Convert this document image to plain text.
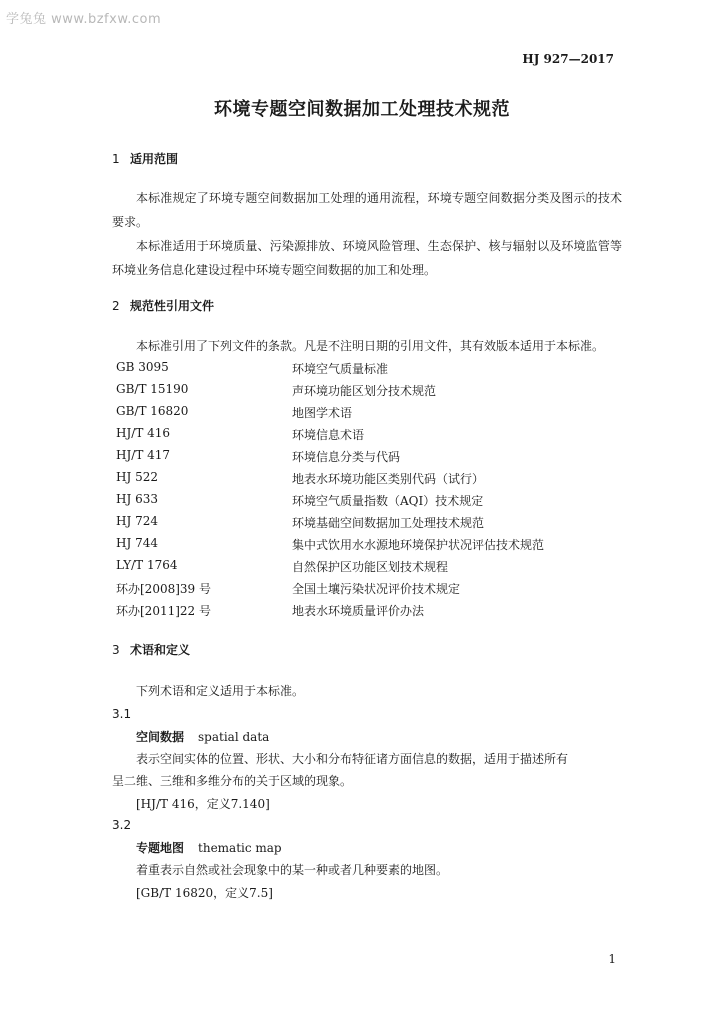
学兔兔 www.bzfxw.com
HJ 927—2017
环境专题空间数据加工处理技术规范
1 适用范围
本标准规定了环境专题空间数据加工处理的通用流程，环境专题空间数据分类及图示的技术要求。
本标准适用于环境质量、污染源排放、环境风险管理、生态保护、核与辐射以及环境监管等环境业务信息化建设过程中环境专题空间数据的加工和处理。
2 规范性引用文件
本标准引用了下列文件的条款。凡是不注明日期的引用文件，其有效版本适用于本标准。
GB 3095	环境空气质量标准
GB/T 15190	声环境功能区划分技术规范
GB/T 16820	地图学术语
HJ/T 416	环境信息术语
HJ/T 417	环境信息分类与代码
HJ 522	地表水环境功能区类别代码（试行）
HJ 633	环境空气质量指数（AQI）技术规定
HJ 724	环境基础空间数据加工处理技术规范
HJ 744	集中式饮用水水源地环境保护状况评估技术规范
LY/T 1764	自然保护区功能区划技术规程
环办[2008]39 号	全国土壤污染状况评价技术规定
环办[2011]22 号	地表水环境质量评价办法
3 术语和定义
下列术语和定义适用于本标准。
3.1
空间数据 spatial data
表示空间实体的位置、形状、大小和分布特征诸方面信息的数据，适用于描述所有
呈二维、三维和多维分布的关于区域的现象。
[HJ/T 416，定义7.140]
3.2
专题地图 thematic map
着重表示自然或社会现象中的某一种或者几种要素的地图。
[GB/T 16820，定义7.5]
1
